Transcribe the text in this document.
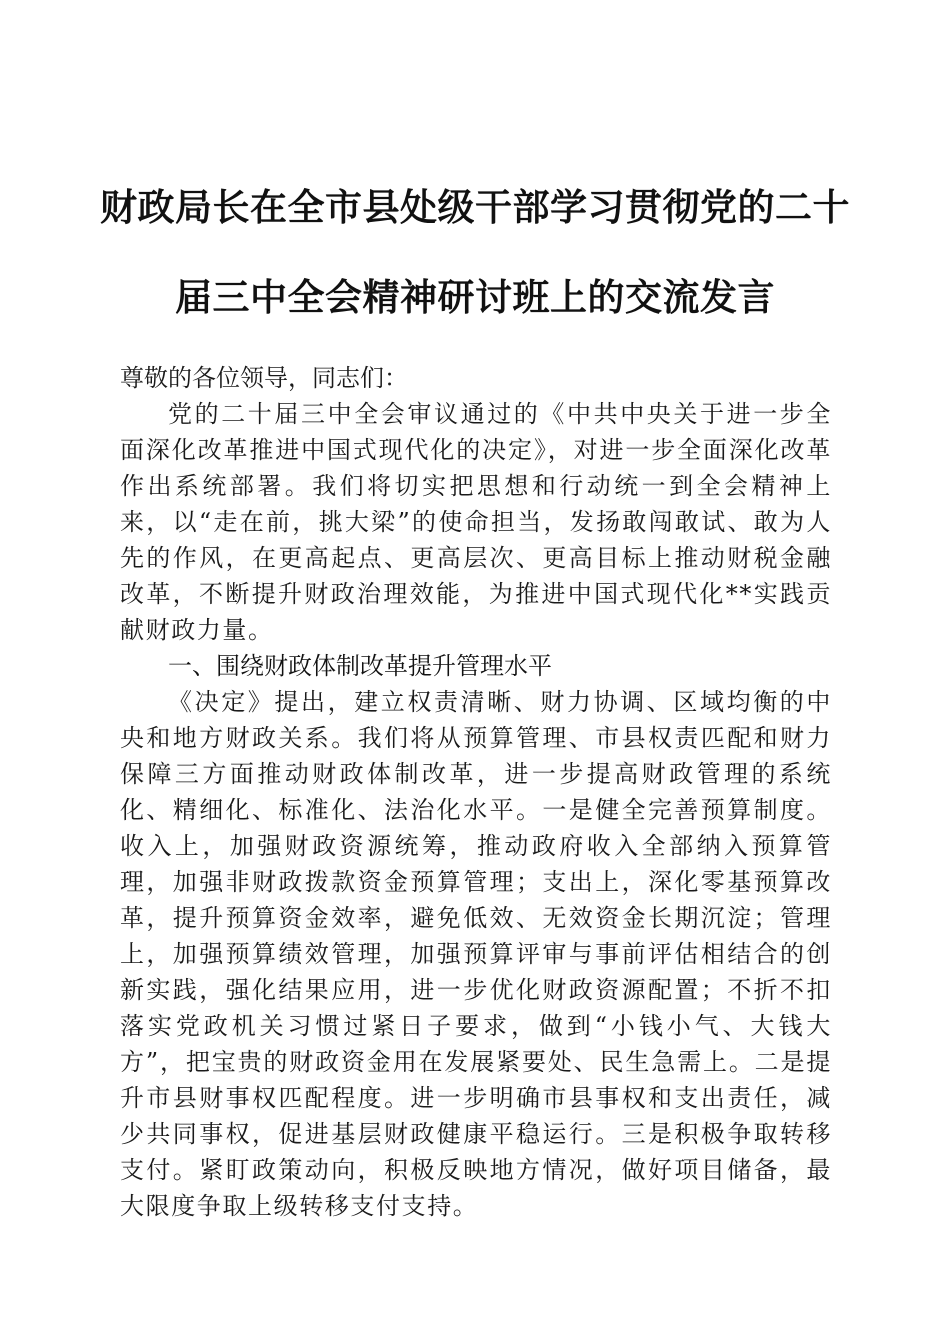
财政局长在全市县处级干部学习贯彻党的二十
届三中全会精神研讨班上的交流发言

尊敬的各位领导，同志们：

党的二十届三中全会审议通过的《中共中央关于进一步全面深化改革推进中国式现代化的决定》，对进一步全面深化改革作出系统部署。我们将切实把思想和行动统一到全会精神上来，以“走在前，挑大梁”的使命担当，发扬敢闯敢试、敢为人先的作风，在更高起点、更高层次、更高目标上推动财税金融改革，不断提升财政治理效能，为推进中国式现代化**实践贡献财政力量。

一、围绕财政体制改革提升管理水平

《决定》提出，建立权责清晰、财力协调、区域均衡的中央和地方财政关系。我们将从预算管理、市县权责匹配和财力保障三方面推动财政体制改革，进一步提高财政管理的系统化、精细化、标准化、法治化水平。一是健全完善预算制度。收入上，加强财政资源统筹，推动政府收入全部纳入预算管理，加强非财政拨款资金预算管理；支出上，深化零基预算改革，提升预算资金效率，避免低效、无效资金长期沉淀；管理上，加强预算绩效管理，加强预算评审与事前评估相结合的创新实践，强化结果应用，进一步优化财政资源配置；不折不扣落实党政机关习惯过紧日子要求，做到“小钱小气、大钱大方”，把宝贵的财政资金用在发展紧要处、民生急需上。二是提升市县财事权匹配程度。进一步明确市县事权和支出责任，减少共同事权，促进基层财政健康平稳运行。三是积极争取转移支付。紧盯政策动向，积极反映地方情况，做好项目储备，最大限度争取上级转移支付支持。
